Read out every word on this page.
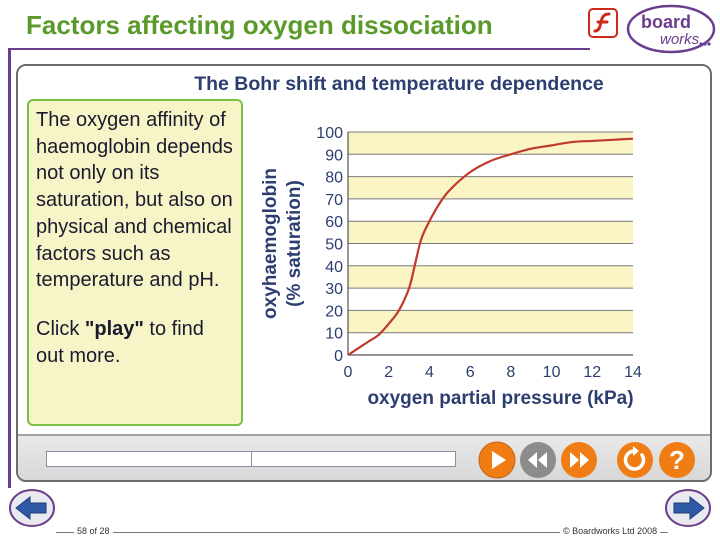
Factors affecting oxygen dissociation	board
works
The Bohr shift and temperature dependence

The oxygen affinity of haemoglobin depends not only on its saturation, but also on physical and chemical factors such as temperature and pH.

Click "play" to find out more.	0
10
20
30
40
50
60
70
80
90
100
0 2 4 6 8 10 12 14
oxygen partial pressure (kPa)
oxyhaemoglobin (% saturation)
?
58 of 28	© Boardworks Ltd 2008
